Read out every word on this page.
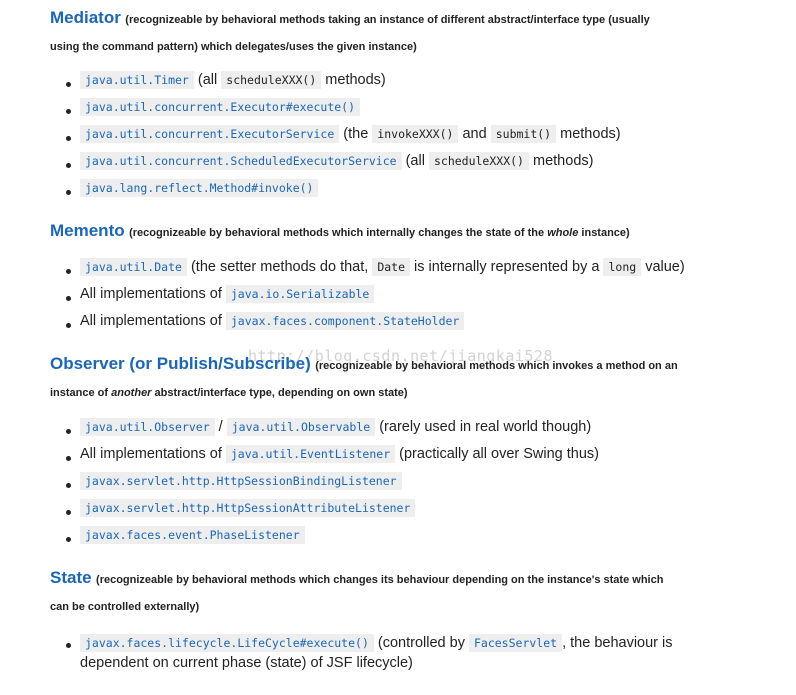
Mediator (recognizeable by behavioral methods taking an instance of different abstract/interface type (usually
using the command pattern) which delegates/uses the given instance)
java.util.Timer (all scheduleXXX() methods)
java.util.concurrent.Executor#execute()
java.util.concurrent.ExecutorService (the invokeXXX() and submit() methods)
java.util.concurrent.ScheduledExecutorService (all scheduleXXX() methods)
java.lang.reflect.Method#invoke()
Memento (recognizeable by behavioral methods which internally changes the state of the whole instance)
java.util.Date (the setter methods do that, Date is internally represented by a long value)
All implementations of java.io.Serializable
All implementations of javax.faces.component.StateHolder
http://blog.csdn.net/jiangkai528
Observer (or Publish/Subscribe) (recognizeable by behavioral methods which invokes a method on an
instance of another abstract/interface type, depending on own state)
java.util.Observer / java.util.Observable (rarely used in real world though)
All implementations of java.util.EventListener (practically all over Swing thus)
javax.servlet.http.HttpSessionBindingListener
javax.servlet.http.HttpSessionAttributeListener
javax.faces.event.PhaseListener
State (recognizeable by behavioral methods which changes its behaviour depending on the instance's state which
can be controlled externally)
javax.faces.lifecycle.LifeCycle#execute() (controlled by FacesServlet , the behaviour is
dependent on current phase (state) of JSF lifecycle)
